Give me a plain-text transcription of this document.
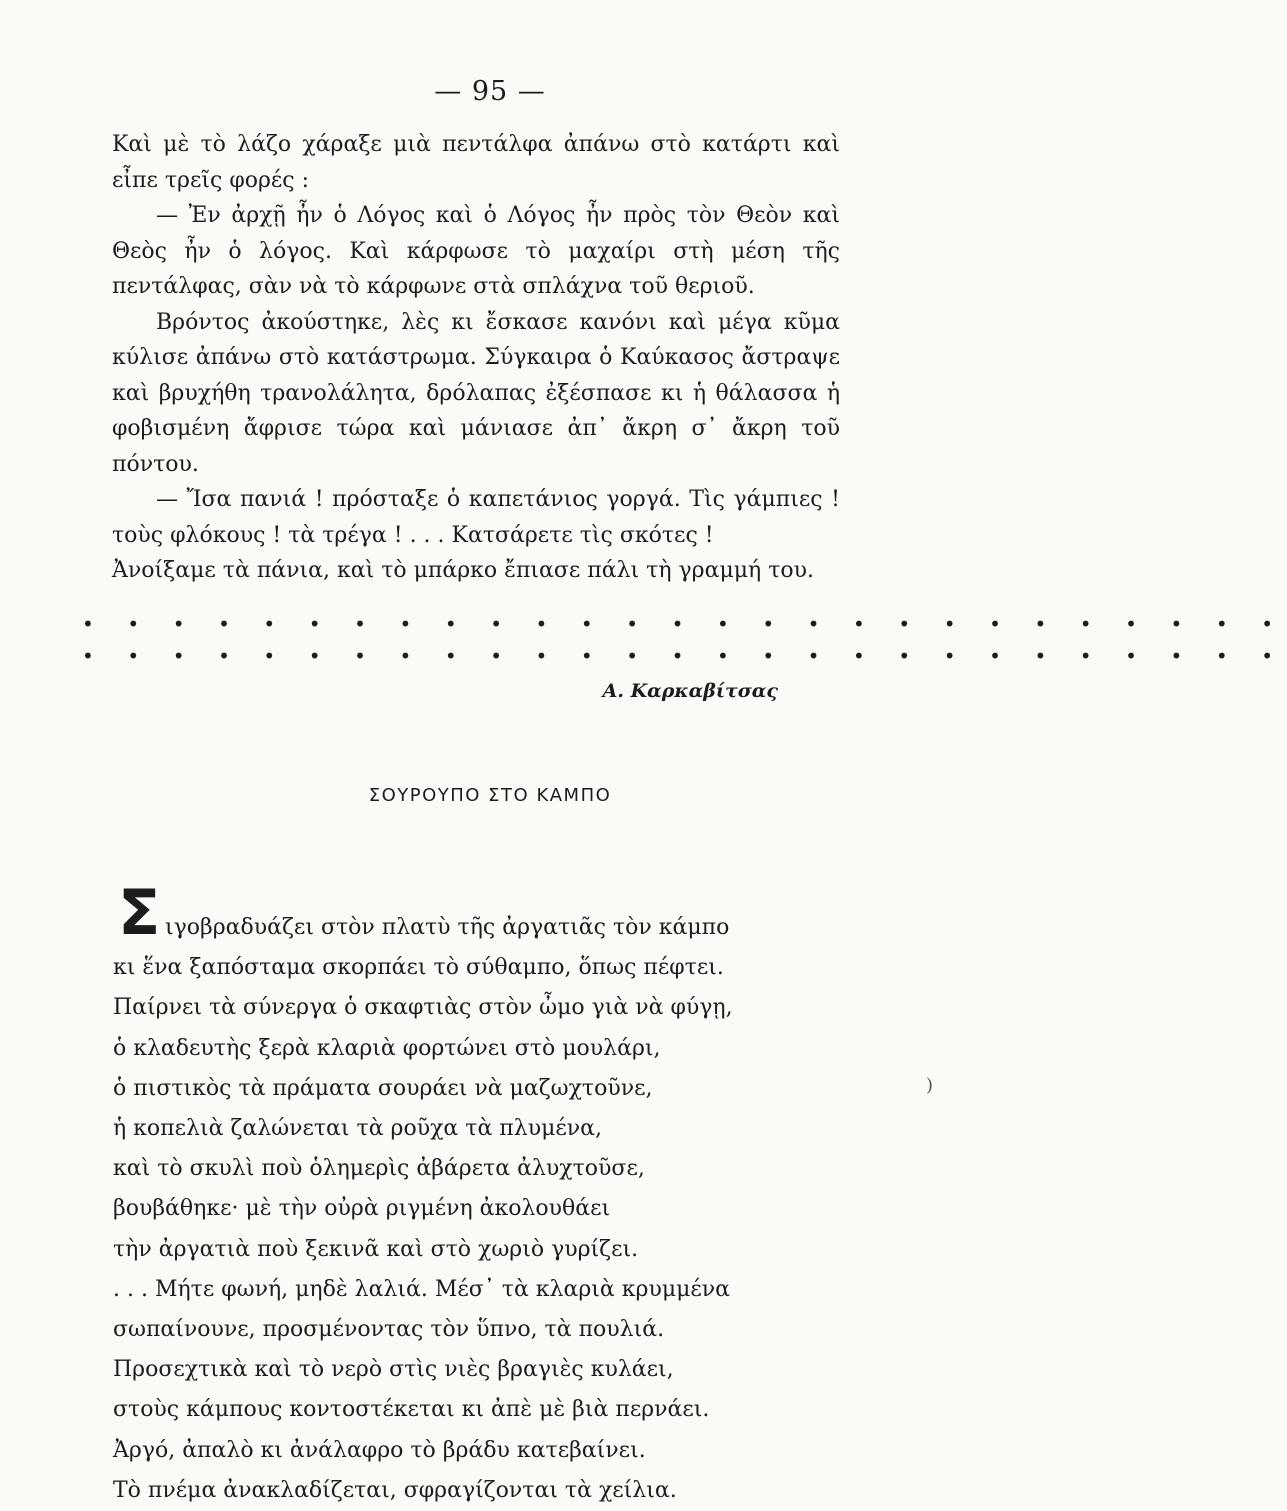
— 95 —

Καὶ μὲ τὸ λάζο χάραξε μιὰ πεντάλφα ἀπάνω στὸ κατάρτι καὶ εἶπε τρεῖς φορές :

— Ἐν ἀρχῇ ἦν ὁ Λόγος καὶ ὁ Λόγος ἦν πρὸς τὸν Θεὸν καὶ Θεὸς ἦν ὁ λόγος. Καὶ κάρφωσε τὸ μαχαίρι στὴ μέση τῆς πεντάλφας, σὰν νὰ τὸ κάρφωνε στὰ σπλάχνα τοῦ θεριοῦ.

Βρόντος ἀκούστηκε, λὲς κι ἔσκασε κανόνι καὶ μέγα κῦμα κύλισε ἀπάνω στὸ κατάστρωμα. Σύγκαιρα ὁ Καύκασος ἄστραψε καὶ βρυχήθη τρανολάλητα, δρόλαπας ἐξέσπασε κι ἡ θάλασσα ἡ φοβισμένη ἄφρισε τώρα καὶ μάνιασε ἀπ᾽ ἄκρη σ᾽ ἄκρη τοῦ πόντου.

— Ἴσα πανιά ! πρόσταξε ὁ καπετάνιος γοργά. Τὶς γάμπιες ! τοὺς φλόκους ! τὰ τρέγα ! . . . Κατσάρετε τὶς σκότες !

Ἀνοίξαμε τὰ πάνια, καὶ τὸ μπάρκο ἔπιασε πάλι τὴ γραμμή του.

• • • • • • • • • • • • • • • • • • • • • • • • • • •
• • • • • • • • • • • • • • • • • • • • • • • • • • •
Α. Καρκαβίτσας
ΣΟΥΡΟΥΠΟ ΣΤΟ ΚΑΜΠΟ
Σ ιγοβραδυάζει στὸν πλατὺ τῆς ἀργατιᾶς τὸν κάμπο
κι ἕνα ξαπόσταμα σκορπάει τὸ σύθαμπο, ὅπως πέφτει.
Παίρνει τὰ σύνεργα ὁ σκαφτιὰς στὸν ὦμο γιὰ νὰ φύγῃ,
ὁ κλαδευτὴς ξερὰ κλαριὰ φορτώνει στὸ μουλάρι,
ὁ πιστικὸς τὰ πράματα σουράει νὰ μαζωχτοῦνε,
ἡ κοπελιὰ ζαλώνεται τὰ ροῦχα τὰ πλυμένα,
καὶ τὸ σκυλὶ ποὺ ὁλημερὶς ἀβάρετα ἀλυχτοῦσε,
βουβάθηκε· μὲ τὴν οὐρὰ ριγμένη ἀκολουθάει
τὴν ἀργατιὰ ποὺ ξεκινᾶ καὶ στὸ χωριὸ γυρίζει.
. . . Μήτε φωνή, μηδὲ λαλιά. Μέσ᾽ τὰ κλαριὰ κρυμμένα
σωπαίνουνε, προσμένοντας τὸν ὕπνο, τὰ πουλιά.
Προσεχτικὰ καὶ τὸ νερὸ στὶς νιὲς βραγιὲς κυλάει,
στοὺς κάμπους κοντοστέκεται κι ἀπὲ μὲ βιὰ περνάει.
Ἀργό, ἀπαλὸ κι ἀνάλαφρο τὸ βράδυ κατεβαίνει.
Τὸ πνέμα ἀνακλαδίζεται, σφραγίζονται τὰ χείλια.
)
